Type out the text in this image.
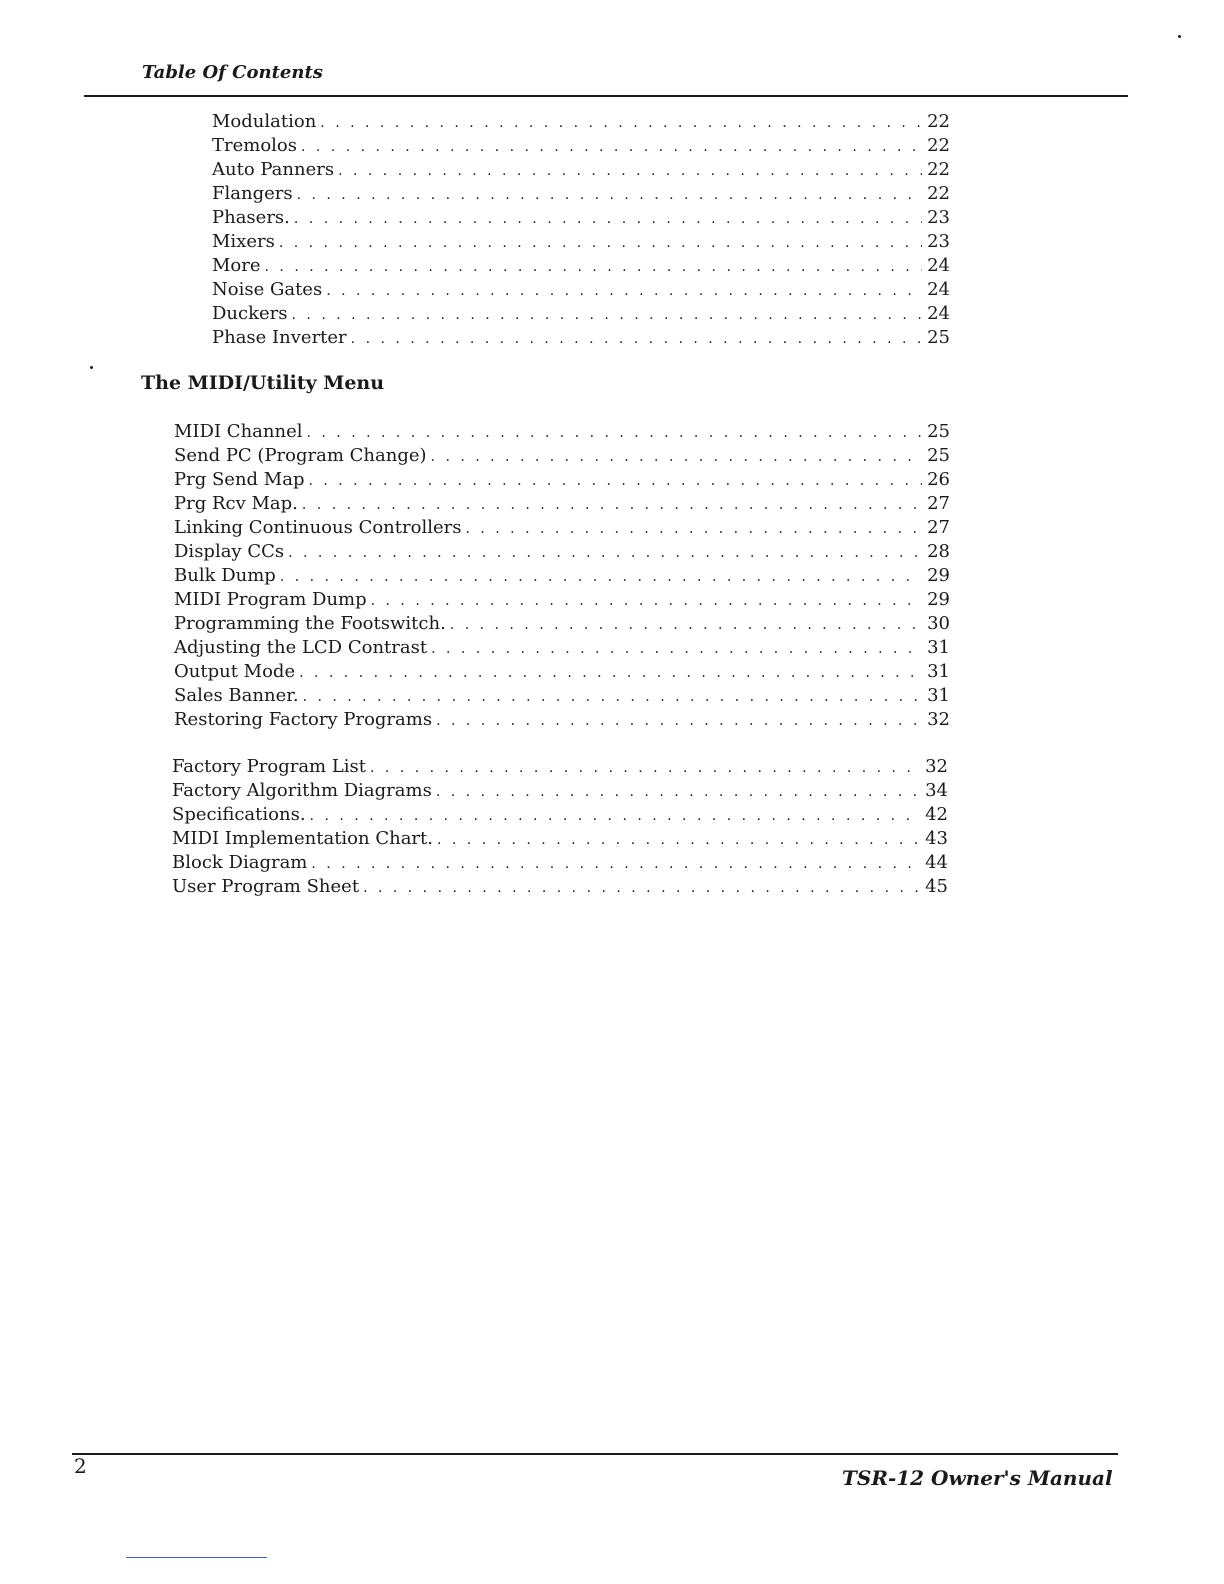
Table Of Contents
Modulation . . .	22
Tremolos . . .	22
Auto Panners . . .	22
Flangers . . .	22
Phasers. . . .	23
Mixers . . .	23
More . . .	24
Noise Gates . . .	24
Duckers . . .	24
Phase Inverter . . .	25
The MIDI/Utility Menu
MIDI Channel . . .	25
Send PC (Program Change) . . .	25
Prg Send Map . . .	26
Prg Rcv Map. . . .	27
Linking Continuous Controllers . . .	27
Display CCs . . .	28
Bulk Dump . . .	29
MIDI Program Dump . . .	29
Programming the Footswitch. . . .	30
Adjusting the LCD Contrast . . .	31
Output Mode . . .	31
Sales Banner. . . .	31
Restoring Factory Programs . . .	32
Factory Program List . . .	32
Factory Algorithm Diagrams . . .	34
Specifications. . . .	42
MIDI Implementation Chart. . . .	43
Block Diagram . . .	44
User Program Sheet . . .	45
2	TSR-12 Owner's Manual
